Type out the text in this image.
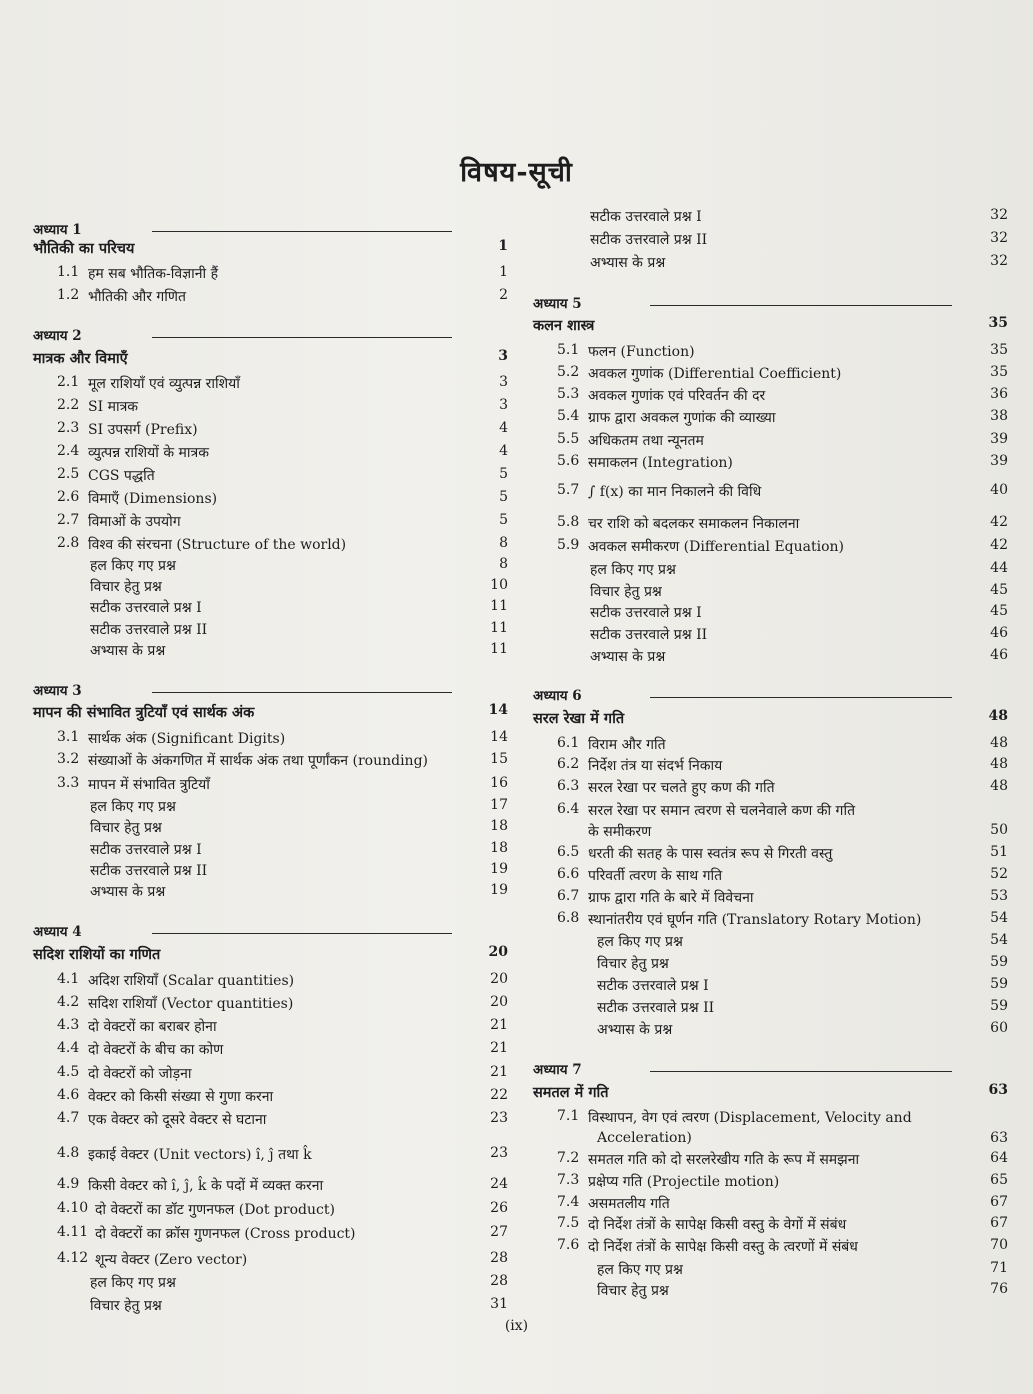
विषय-सूची
अध्याय 1
भौतिकी का परिचय	1
1.1 हम सब भौतिक-विज्ञानी हैं	1
1.2 भौतिकी और गणित	2
अध्याय 2
मात्रक और विमाएँ	3
2.1 मूल राशियाँ एवं व्युत्पन्न राशियाँ	3
2.2 SI मात्रक	3
2.3 SI उपसर्ग (Prefix)	4
2.4 व्युत्पन्न राशियों के मात्रक	4
2.5 CGS पद्धति	5
2.6 विमाएँ (Dimensions)	5
2.7 विमाओं के उपयोग	5
2.8 विश्व की संरचना (Structure of the world)	8
हल किए गए प्रश्न	8
विचार हेतु प्रश्न	10
सटीक उत्तरवाले प्रश्न I	11
सटीक उत्तरवाले प्रश्न II	11
अभ्यास के प्रश्न	11
अध्याय 3
मापन की संभावित त्रुटियाँ एवं सार्थक अंक	14
3.1 सार्थक अंक (Significant Digits)	14
3.2 संख्याओं के अंकगणित में सार्थक अंक तथा पूर्णांकन (rounding)	15
3.3 मापन में संभावित त्रुटियाँ	16
हल किए गए प्रश्न	17
विचार हेतु प्रश्न	18
सटीक उत्तरवाले प्रश्न I	18
सटीक उत्तरवाले प्रश्न II	19
अभ्यास के प्रश्न	19
अध्याय 4
सदिश राशियों का गणित	20
4.1 अदिश राशियाँ (Scalar quantities)	20
4.2 सदिश राशियाँ (Vector quantities)	20
4.3 दो वेक्टरों का बराबर होना	21
4.4 दो वेक्टरों के बीच का कोण	21
4.5 दो वेक्टरों को जोड़ना	21
4.6 वेक्टर को किसी संख्या से गुणा करना	22
4.7 एक वेक्टर को दूसरे वेक्टर से घटाना	23
4.8 इकाई वेक्टर (Unit vectors) î, ĵ तथा k̂	23
4.9 किसी वेक्टर को î, ĵ, k̂ के पदों में व्यक्त करना	24
4.10 दो वेक्टरों का डॉट गुणनफल (Dot product)	26
4.11 दो वेक्टरों का क्रॉस गुणनफल (Cross product)	27
4.12 शून्य वेक्टर (Zero vector)	28
हल किए गए प्रश्न	28
विचार हेतु प्रश्न	31
सटीक उत्तरवाले प्रश्न I	32
सटीक उत्तरवाले प्रश्न II	32
अभ्यास के प्रश्न	32
अध्याय 5
कलन शास्त्र	35
5.1 फलन (Function)	35
5.2 अवकल गुणांक (Differential Coefficient)	35
5.3 अवकल गुणांक एवं परिवर्तन की दर	36
5.4 ग्राफ द्वारा अवकल गुणांक की व्याख्या	38
5.5 अधिकतम तथा न्यूनतम	39
5.6 समाकलन (Integration)	39
5.7 ∫ f(x) का मान निकालने की विधि	40
5.8 चर राशि को बदलकर समाकलन निकालना	42
5.9 अवकल समीकरण (Differential Equation)	42
हल किए गए प्रश्न	44
विचार हेतु प्रश्न	45
सटीक उत्तरवाले प्रश्न I	45
सटीक उत्तरवाले प्रश्न II	46
अभ्यास के प्रश्न	46
अध्याय 6
सरल रेखा में गति	48
6.1 विराम और गति	48
6.2 निर्देश तंत्र या संदर्भ निकाय	48
6.3 सरल रेखा पर चलते हुए कण की गति	48
6.4 सरल रेखा पर समान त्वरण से चलनेवाले कण की गति
के समीकरण	50
6.5 धरती की सतह के पास स्वतंत्र रूप से गिरती वस्तु	51
6.6 परिवर्ती त्वरण के साथ गति	52
6.7 ग्राफ द्वारा गति के बारे में विवेचना	53
6.8 स्थानांतरीय एवं घूर्णन गति (Translatory Rotary Motion)	54
हल किए गए प्रश्न	54
विचार हेतु प्रश्न	59
सटीक उत्तरवाले प्रश्न I	59
सटीक उत्तरवाले प्रश्न II	59
अभ्यास के प्रश्न	60
अध्याय 7
समतल में गति	63
7.1 विस्थापन, वेग एवं त्वरण (Displacement, Velocity and
Acceleration)	63
7.2 समतल गति को दो सरलरेखीय गति के रूप में समझना	64
7.3 प्रक्षेप्य गति (Projectile motion)	65
7.4 असमतलीय गति	67
7.5 दो निर्देश तंत्रों के सापेक्ष किसी वस्तु के वेगों में संबंध	67
7.6 दो निर्देश तंत्रों के सापेक्ष किसी वस्तु के त्वरणों में संबंध	70
हल किए गए प्रश्न	71
विचार हेतु प्रश्न	76
(ix)
